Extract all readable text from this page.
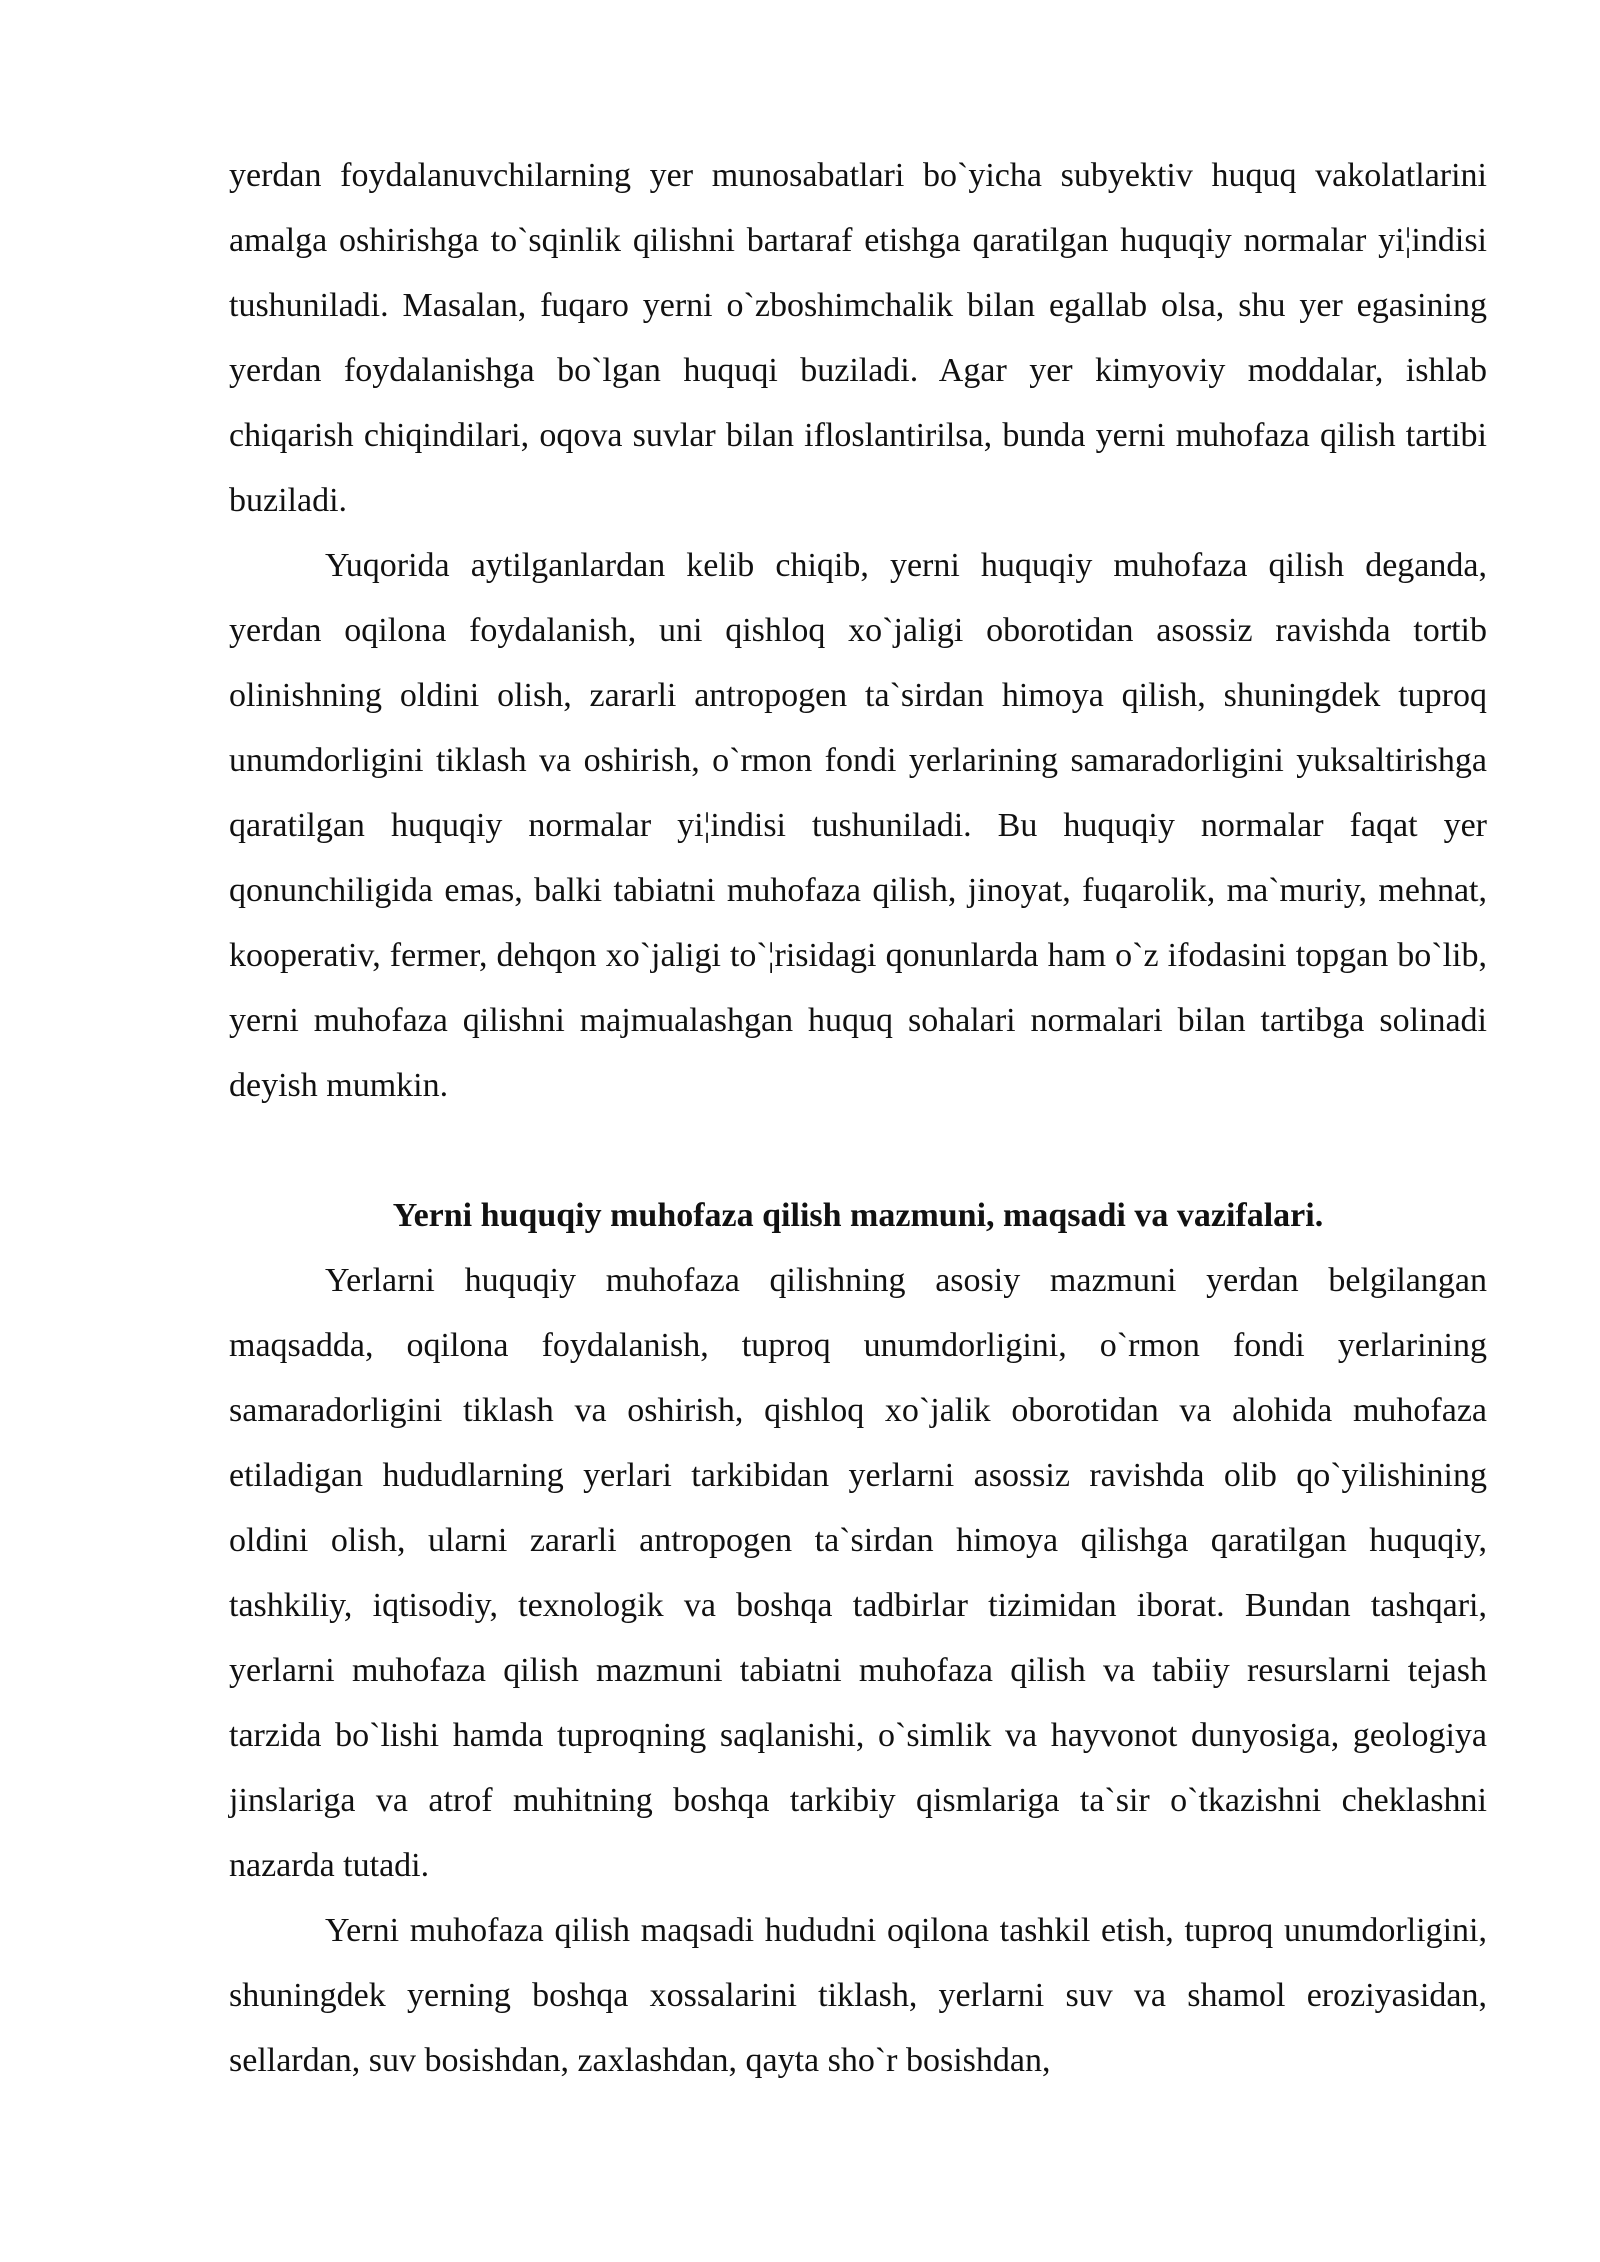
yerdan foydalanuvchilarning yer munosabatlari bo`yicha subyektiv huquq vakolatlarini amalga oshirishga to`sqinlik qilishni bartaraf etishga qaratilgan huquqiy normalar yi¦indisi tushuniladi. Masalan, fuqaro yerni o`zboshimchalik bilan egallab olsa, shu yer egasining yerdan foydalanishga bo`lgan huquqi buziladi. Agar yer kimyoviy moddalar, ishlab chiqarish chiqindilari, oqova suvlar bilan ifloslantirilsa, bunda yerni muhofaza qilish tartibi buziladi.

Yuqorida aytilganlardan kelib chiqib, yerni huquqiy muhofaza qilish deganda, yerdan oqilona foydalanish, uni qishloq xo`jaligi oborotidan asossiz ravishda tortib olinishning oldini olish, zararli antropogen ta`sirdan himoya qilish, shuningdek tuproq unumdorligini tiklash va oshirish, o`rmon fondi yerlarining samaradorligini yuksaltirishga qaratilgan huquqiy normalar yi¦indisi tushuniladi. Bu huquqiy normalar faqat yer qonunchiligida emas, balki tabiatni muhofaza qilish, jinoyat, fuqarolik, ma`muriy, mehnat, kooperativ, fermer, dehqon xo`jaligi to`¦risidagi qonunlarda ham o`z ifodasini topgan bo`lib, yerni muhofaza qilishni majmualashgan huquq sohalari normalari bilan tartibga solinadi deyish mumkin.

Yerni huquqiy muhofaza qilish mazmuni, maqsadi va vazifalari.

Yerlarni huquqiy muhofaza qilishning asosiy mazmuni yerdan belgilangan maqsadda, oqilona foydalanish, tuproq unumdorligini, o`rmon fondi yerlarining samaradorligini tiklash va oshirish, qishloq xo`jalik oborotidan va alohida muhofaza etiladigan hududlarning yerlari tarkibidan yerlarni asossiz ravishda olib qo`yilishining oldini olish, ularni zararli antropogen ta`sirdan himoya qilishga qaratilgan huquqiy, tashkiliy, iqtisodiy, texnologik va boshqa tadbirlar tizimidan iborat. Bundan tashqari, yerlarni muhofaza qilish mazmuni tabiatni muhofaza qilish va tabiiy resurslarni tejash tarzida bo`lishi hamda tuproqning saqlanishi, o`simlik va hayvonot dunyosiga, geologiya jinslariga va atrof muhitning boshqa tarkibiy qismlariga ta`sir o`tkazishni cheklashni nazarda tutadi.

Yerni muhofaza qilish maqsadi hududni oqilona tashkil etish, tuproq unumdorligini, shuningdek yerning boshqa xossalarini tiklash, yerlarni suv va shamol eroziyasidan, sellardan, suv bosishdan, zaxlashdan, qayta sho`r bosishdan,
